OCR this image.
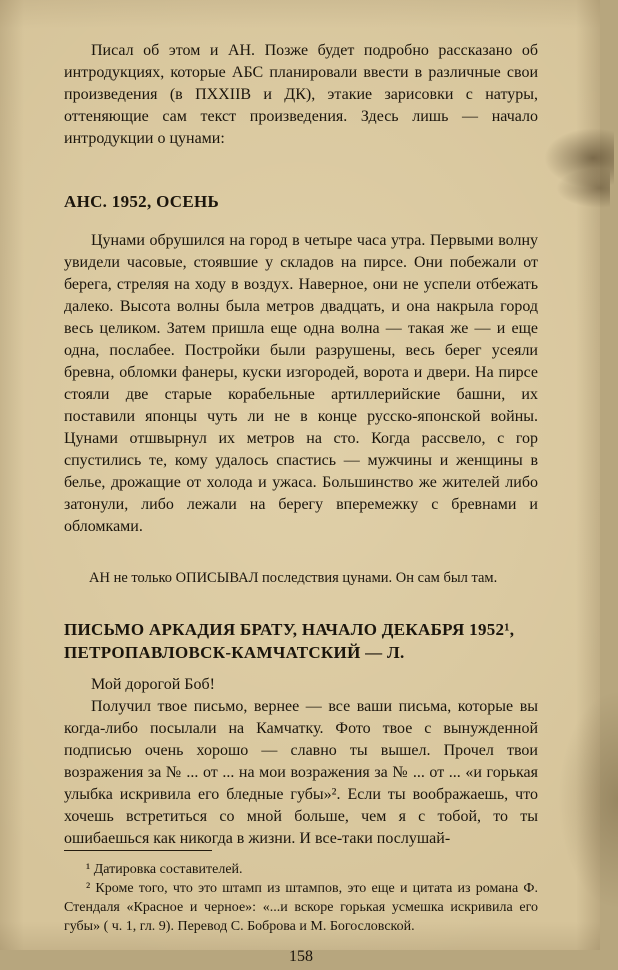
Писал об этом и АН. Позже будет подробно рассказано об интродукциях, которые АБС планировали ввести в различные свои произведения (в ПXXIIВ и ДК), этакие зарисовки с натуры, оттеняющие сам текст произведения. Здесь лишь — начало интродукции о цунами:

АНС. 1952, ОСЕНЬ

Цунами обрушился на город в четыре часа утра. Первыми волну увидели часовые, стоявшие у складов на пирсе. Они побежали от берега, стреляя на ходу в воздух. Наверное, они не успели отбежать далеко. Высота волны была метров двадцать, и она накрыла город весь целиком. Затем пришла еще одна волна — такая же — и еще одна, послабее. Постройки были разрушены, весь берег усеяли бревна, обломки фанеры, куски изгородей, ворота и двери. На пирсе стояли две старые корабельные артиллерийские башни, их поставили японцы чуть ли не в конце русско-японской войны. Цунами отшвырнул их метров на сто. Когда рассвело, с гор спустились те, кому удалось спастись — мужчины и женщины в белье, дрожащие от холода и ужаса. Большинство же жителей либо затонули, либо лежали на берегу вперемежку с бревнами и обломками.

АН не только ОПИСЫВАЛ последствия цунами. Он сам был там.

ПИСЬМО АРКАДИЯ БРАТУ, НАЧАЛО ДЕКАБРЯ 1952¹, ПЕТРОПАВЛОВСК-КАМЧАТСКИЙ — Л.

Мой дорогой Боб!

Получил твое письмо, вернее — все ваши письма, которые вы когда-либо посылали на Камчатку. Фото твое с вынужденной подписью очень хорошо — славно ты вышел. Прочел твои возражения за № ... от ... на мои возражения за № ... от ... «и горькая улыбка искривила его бледные губы»². Если ты воображаешь, что хочешь встретиться со мной больше, чем я с тобой, то ты ошибаешься как никогда в жизни. И все-таки послушай-

¹ Датировка составителей.

² Кроме того, что это штамп из штампов, это еще и цитата из романа Ф. Стендаля «Красное и черное»: «...и вскоре горькая усмешка искривила его губы» ( ч. 1, гл. 9). Перевод С. Боброва и М. Богословской.

158
